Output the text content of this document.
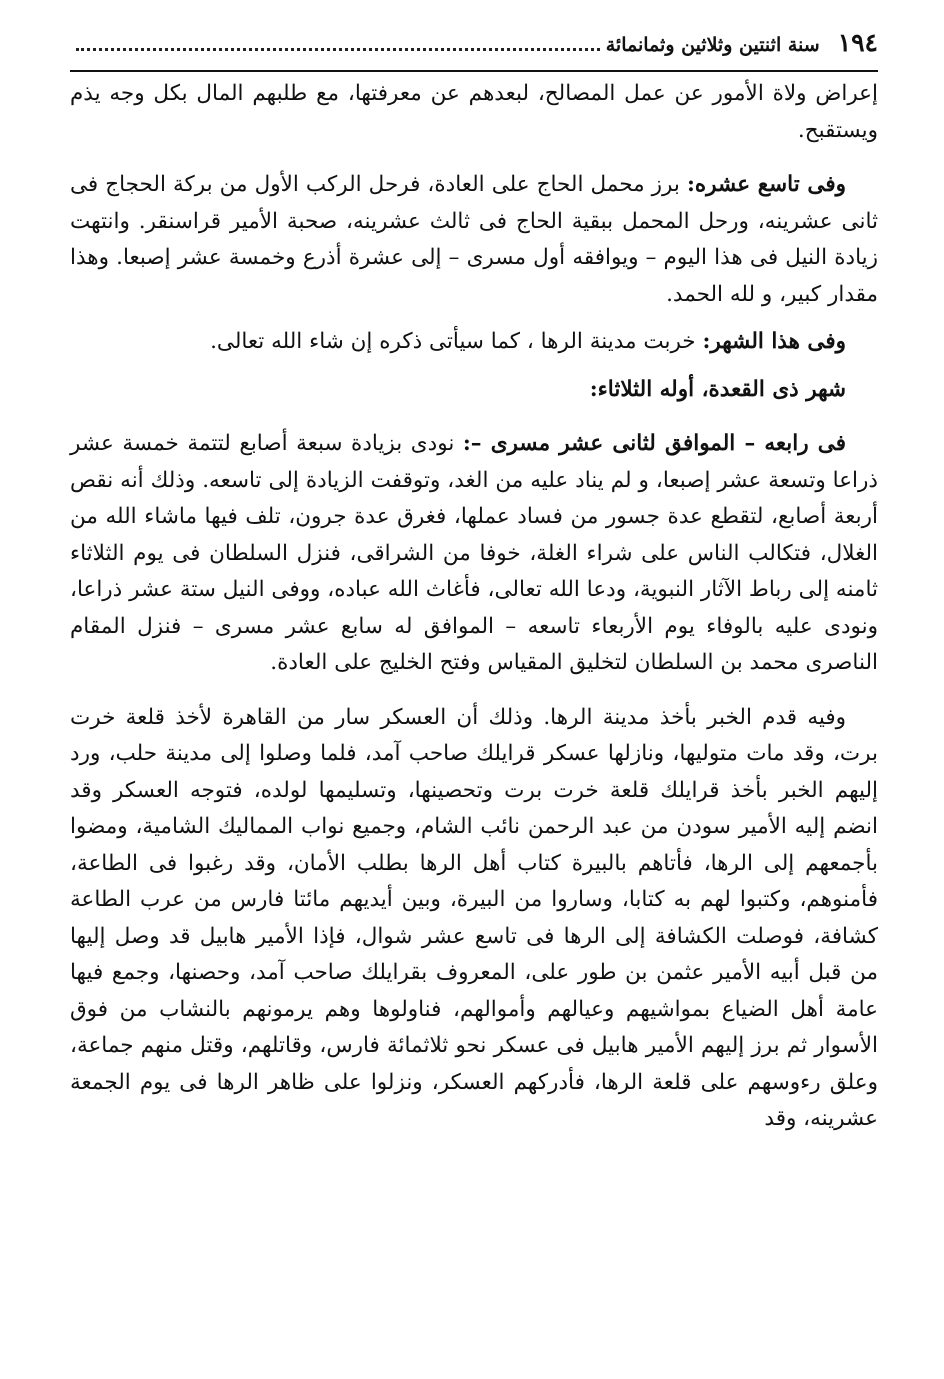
١٩٤
سنة اثنتين وثلاثين وثمانمائة

إعراض ولاة الأمور عن عمل المصالح، لبعدهم عن معرفتها، مع طلبهم المال بكل وجه يذم ويستقبح.

وفى تاسع عشره: برز محمل الحاج على العادة، فرحل الركب الأول من بركة الحجاج فى ثانى عشرينه، ورحل المحمل ببقية الحاج فى ثالث عشرينه، صحبة الأمير قراسنقر. وانتهت زيادة النيل فى هذا اليوم – ويوافقه أول مسرى – إلى عشرة أذرع وخمسة عشر إصبعا. وهذا مقدار كبير، و لله الحمد.

وفى هذا الشهر: خربت مدينة الرها ، كما سيأتى ذكره إن شاء الله تعالى.

شهر ذى القعدة، أوله الثلاثاء:

فى رابعه – الموافق لثانى عشر مسرى –: نودى بزيادة سبعة أصابع لتتمة خمسة عشر ذراعا وتسعة عشر إصبعا، و لم يناد عليه من الغد، وتوقفت الزيادة إلى تاسعه. وذلك أنه نقص أربعة أصابع، لتقطع عدة جسور من فساد عملها، فغرق عدة جرون، تلف فيها ماشاء الله من الغلال، فتكالب الناس على شراء الغلة، خوفا من الشراقى، فنزل السلطان فى يوم الثلاثاء ثامنه إلى رباط الآثار النبوية، ودعا الله تعالى، فأغاث الله عباده، ووفى النيل ستة عشر ذراعا، ونودى عليه بالوفاء يوم الأربعاء تاسعه – الموافق له سابع عشر مسرى – فنزل المقام الناصرى محمد بن السلطان لتخليق المقياس وفتح الخليج على العادة.

وفيه قدم الخبر بأخذ مدينة الرها. وذلك أن العسكر سار من القاهرة لأخذ قلعة خرت برت، وقد مات متوليها، ونازلها عسكر قرايلك صاحب آمد، فلما وصلوا إلى مدينة حلب، ورد إليهم الخبر بأخذ قرايلك قلعة خرت برت وتحصينها، وتسليمها لولده، فتوجه العسكر وقد انضم إليه الأمير سودن من عبد الرحمن نائب الشام، وجميع نواب المماليك الشامية، ومضوا بأجمعهم إلى الرها، فأتاهم بالبيرة كتاب أهل الرها بطلب الأمان، وقد رغبوا فى الطاعة، فأمنوهم، وكتبوا لهم به كتابا، وساروا من البيرة، وبين أيديهم مائتا فارس من عرب الطاعة كشافة، فوصلت الكشافة إلى الرها فى تاسع عشر شوال، فإذا الأمير هابيل قد وصل إليها من قبل أبيه الأمير عثمن بن طور على، المعروف بقرايلك صاحب آمد، وحصنها، وجمع فيها عامة أهل الضياع بمواشيهم وعيالهم وأموالهم، فناولوها وهم يرمونهم بالنشاب من فوق الأسوار ثم برز إليهم الأمير هابيل فى عسكر نحو ثلاثمائة فارس، وقاتلهم، وقتل منهم جماعة، وعلق رءوسهم على قلعة الرها، فأدركهم العسكر، ونزلوا على ظاهر الرها فى يوم الجمعة عشرينه، وقد
